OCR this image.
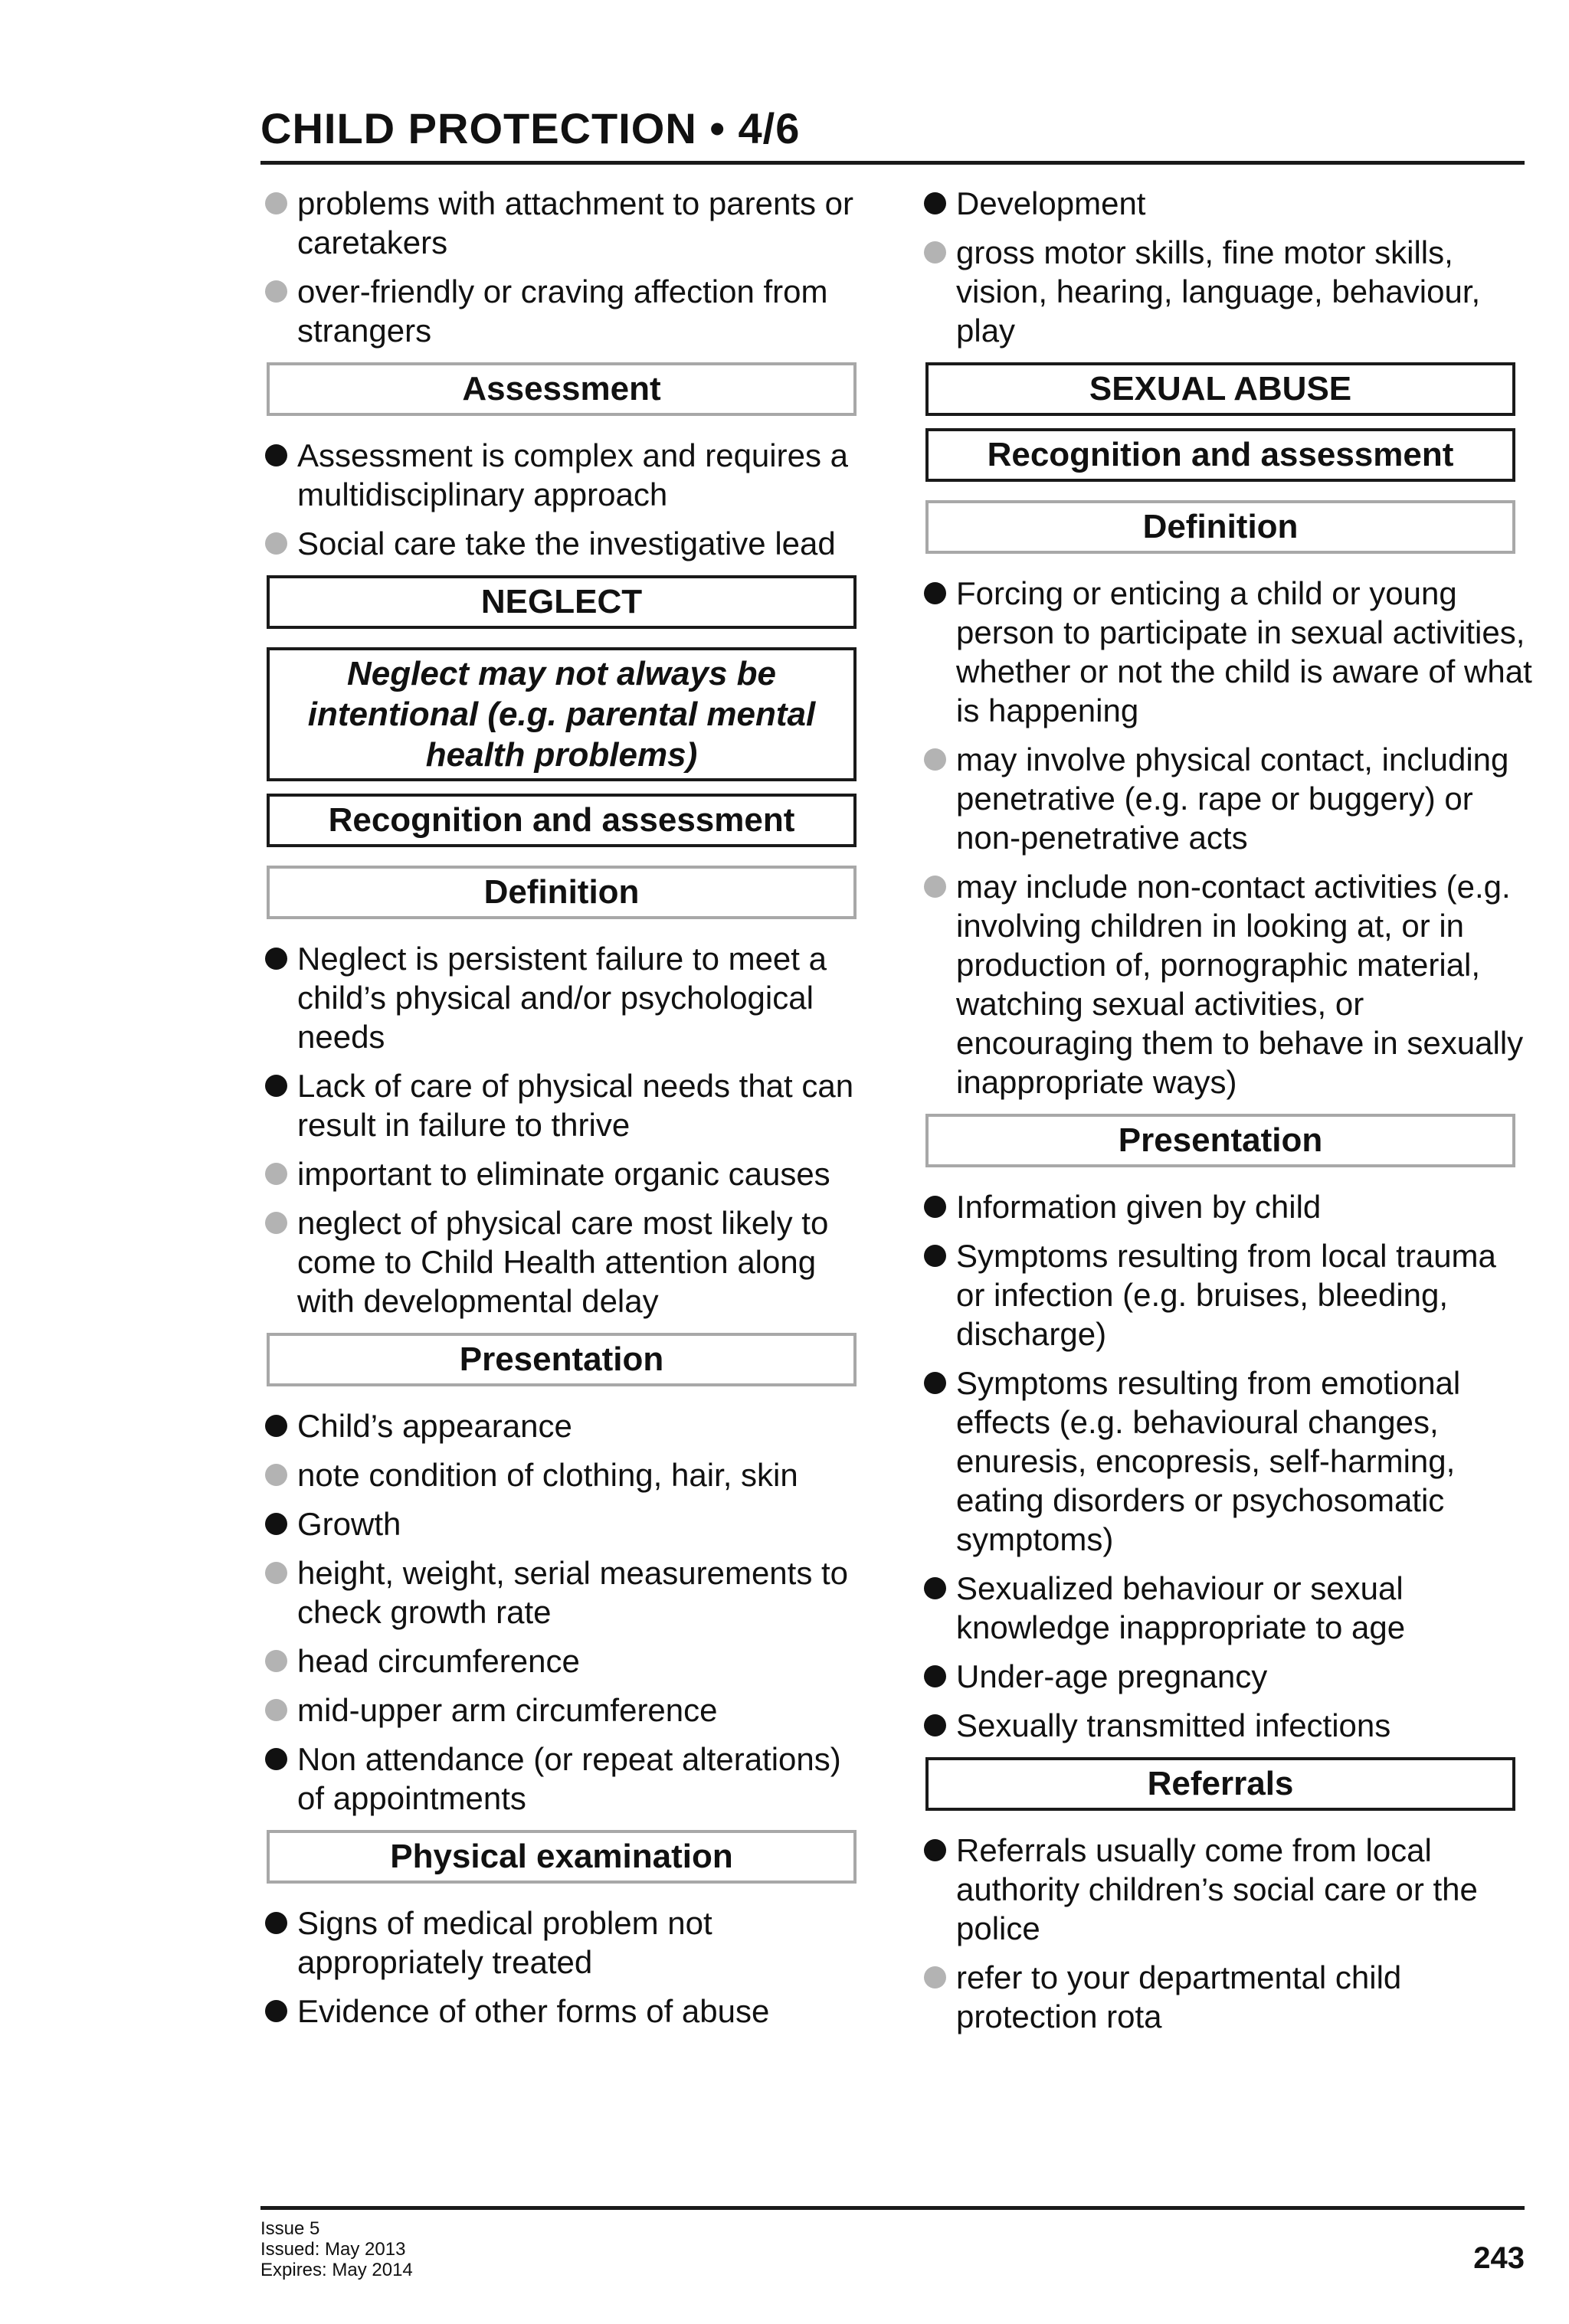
CHILD PROTECTION • 4/6
problems with attachment to parents or caretakers
over-friendly or craving affection from strangers
Assessment
Assessment is complex and requires a multidisciplinary approach
Social care take the investigative lead
NEGLECT
Neglect may not always be intentional (e.g. parental mental health problems)
Recognition and assessment
Definition
Neglect is persistent failure to meet a child’s physical and/or psychological needs
Lack of care of physical needs that can result in failure to thrive
important to eliminate organic causes
neglect of physical care most likely to come to Child Health attention along with developmental delay
Presentation
Child’s appearance
note condition of clothing, hair, skin
Growth
height, weight, serial measurements to check growth rate
head circumference
mid-upper arm circumference
Non attendance (or repeat alterations) of appointments
Physical examination
Signs of medical problem not appropriately treated
Evidence of other forms of abuse
Development
gross motor skills, fine motor skills, vision, hearing, language, behaviour, play
SEXUAL ABUSE
Recognition and assessment
Definition
Forcing or enticing a child or young person to participate in sexual activities, whether or not the child is aware of what is happening
may involve physical contact, including penetrative (e.g. rape or buggery) or non-penetrative acts
may include non-contact activities (e.g. involving children in looking at, or in production of, pornographic material, watching sexual activities, or encouraging them to behave in sexually inappropriate ways)
Presentation
Information given by child
Symptoms resulting from local trauma or infection (e.g. bruises, bleeding, discharge)
Symptoms resulting from emotional effects (e.g. behavioural changes, enuresis, encopresis, self-harming, eating disorders or psychosomatic symptoms)
Sexualized behaviour or sexual knowledge inappropriate to age
Under-age pregnancy
Sexually transmitted infections
Referrals
Referrals usually come from local authority children’s social care or the police
refer to your departmental child protection rota
Issue 5
Issued: May 2013
Expires: May 2014	243
